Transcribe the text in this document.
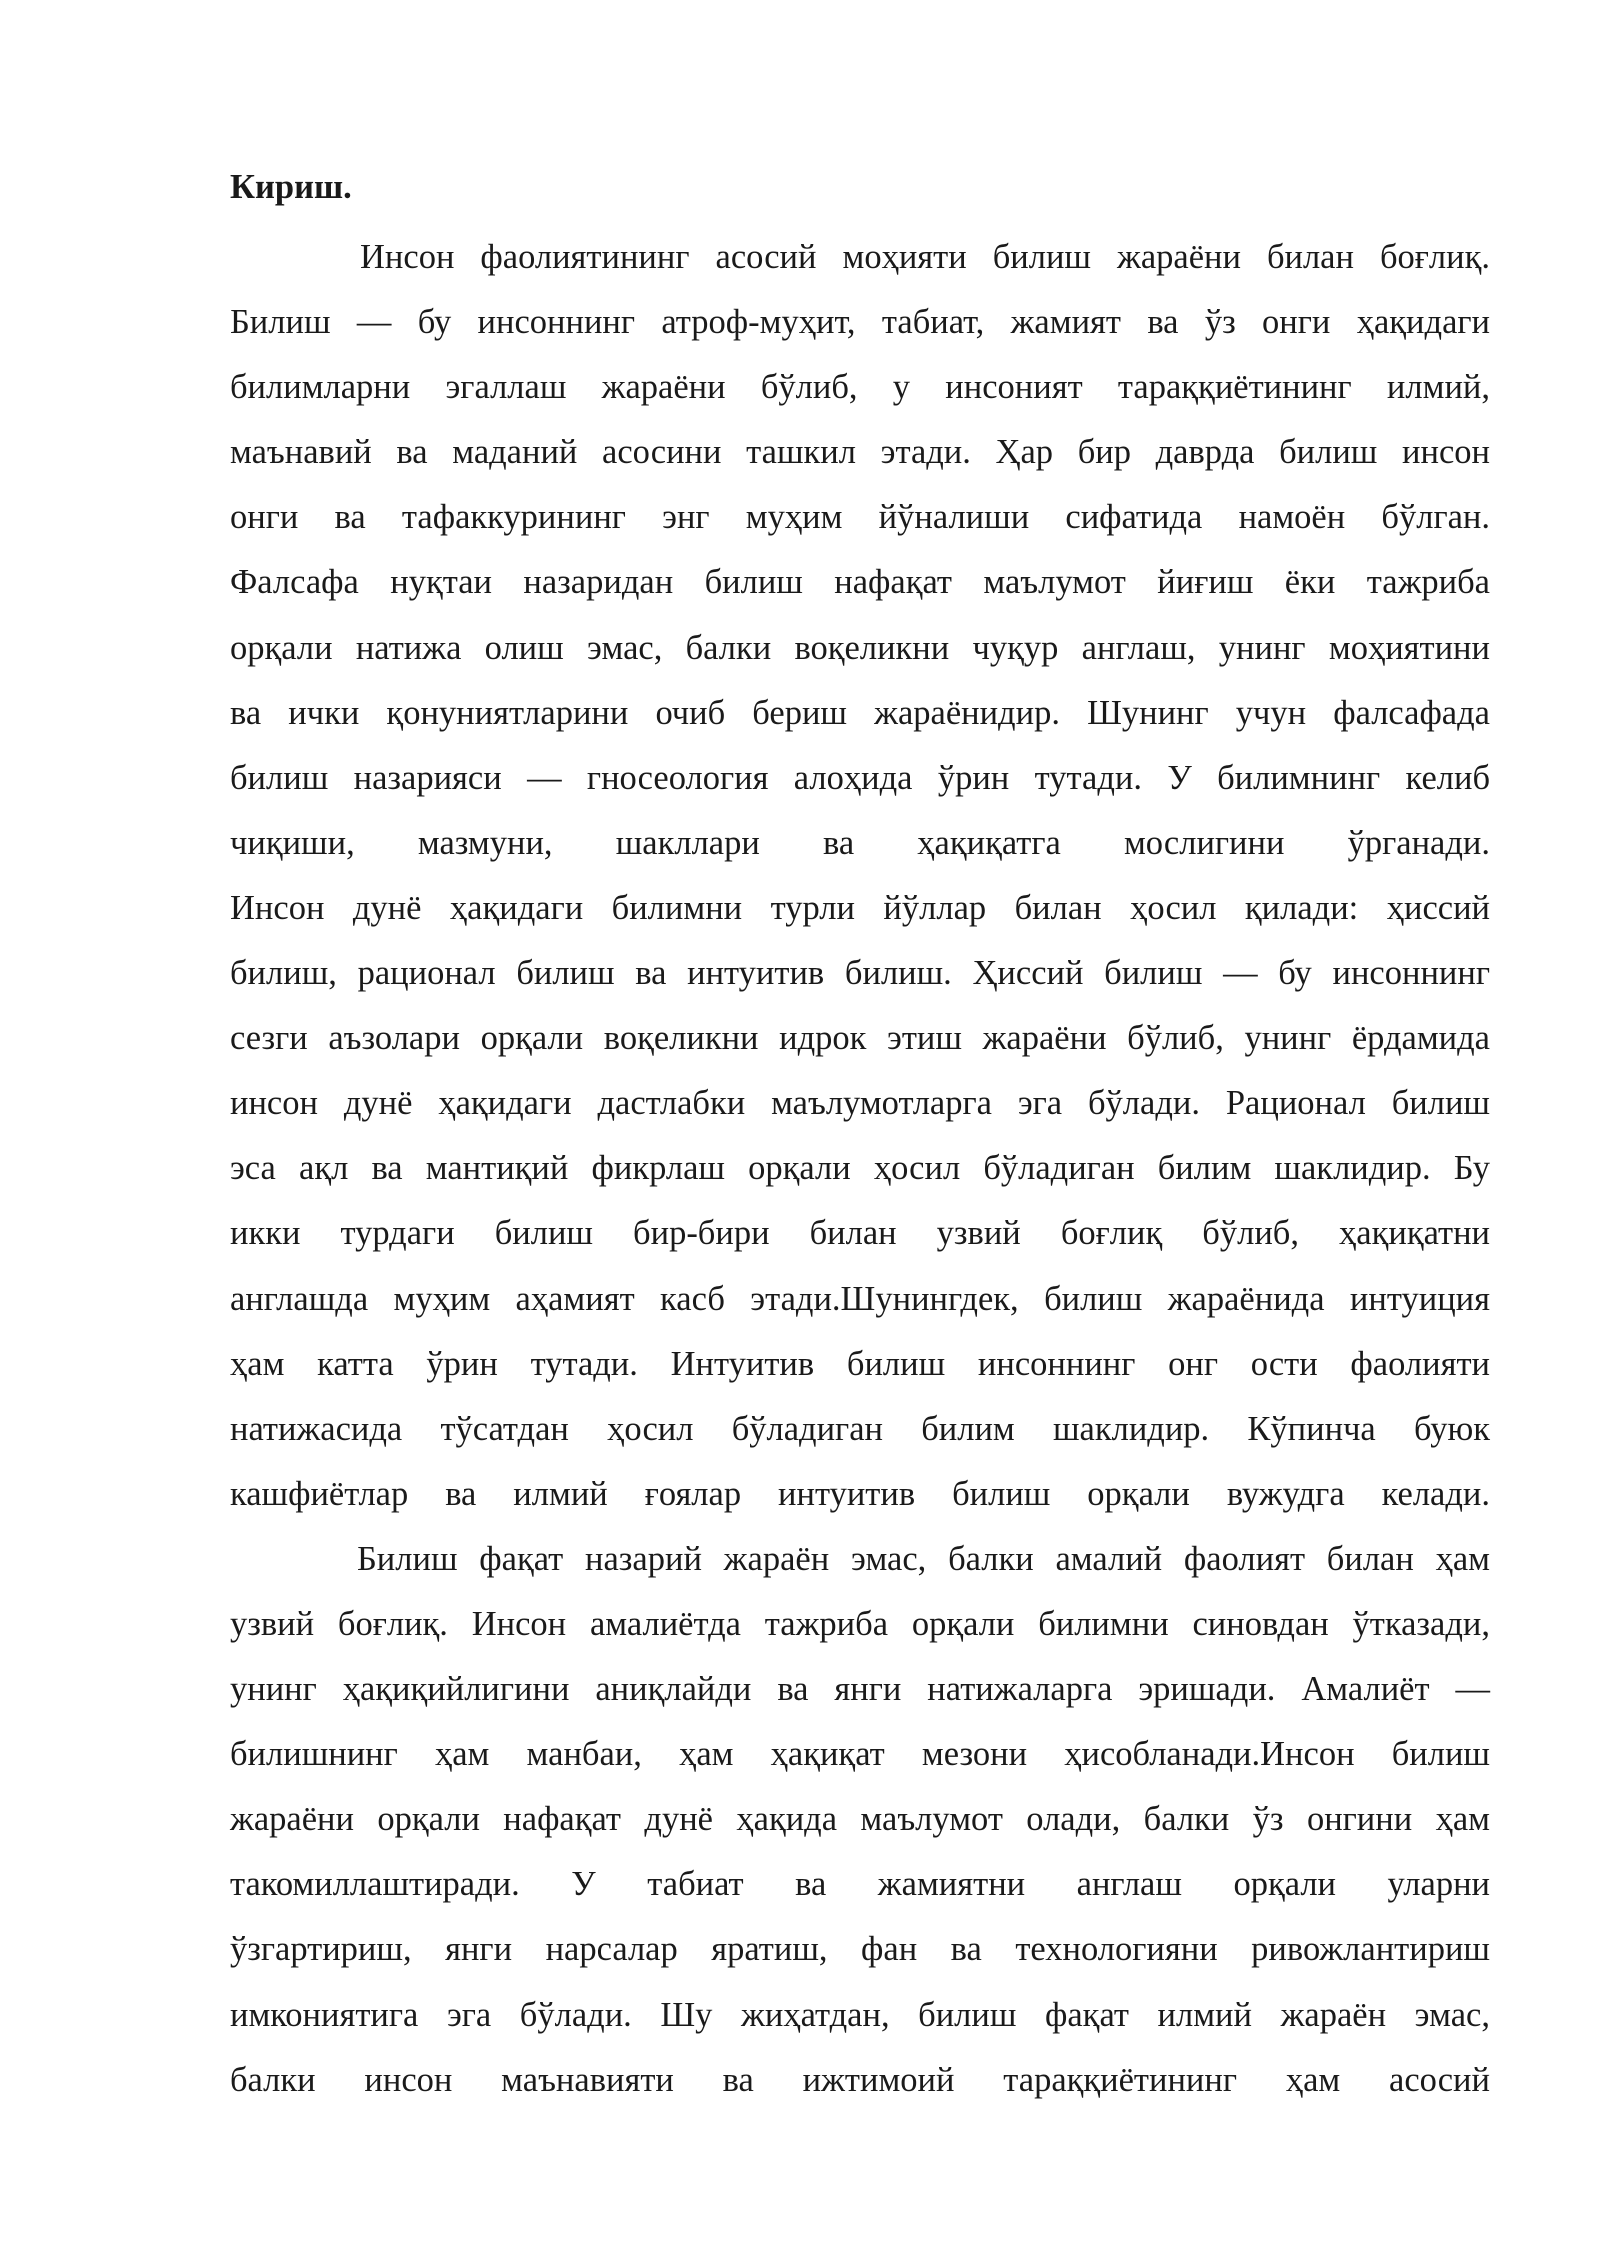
Кириш.
Инсон фаолиятининг асосий моҳияти билиш жараёни билан боғлиқ.
Билиш — бу инсоннинг атроф-муҳит, табиат, жамият ва ўз онги ҳақидаги
билимларни эгаллаш жараёни бўлиб, у инсоният тараққиётининг илмий,
маънавий ва маданий асосини ташкил этади. Ҳар бир даврда билиш инсон
онги ва тафаккурининг энг муҳим йўналиши сифатида намоён бўлган.
Фалсафа нуқтаи назаридан билиш нафақат маълумот йиғиш ёки тажриба
орқали натижа олиш эмас, балки воқеликни чуқур англаш, унинг моҳиятини
ва ички қонуниятларини очиб бериш жараёнидир. Шунинг учун фалсафада
билиш назарияси — гносеология алоҳида ўрин тутади. У билимнинг келиб
чиқиши, мазмуни, шакллари ва ҳақиқатга мослигини ўрганади.
Инсон дунё ҳақидаги билимни турли йўллар билан ҳосил қилади: ҳиссий
билиш, рационал билиш ва интуитив билиш. Ҳиссий билиш — бу инсоннинг
сезги аъзолари орқали воқеликни идрок этиш жараёни бўлиб, унинг ёрдамида
инсон дунё ҳақидаги дастлабки маълумотларга эга бўлади. Рационал билиш
эса ақл ва мантиқий фикрлаш орқали ҳосил бўладиган билим шаклидир. Бу
икки турдаги билиш бир-бири билан узвий боғлиқ бўлиб, ҳақиқатни
англашда муҳим аҳамият касб этади.Шунингдек, билиш жараёнида интуиция
ҳам катта ўрин тутади. Интуитив билиш инсоннинг онг ости фаолияти
натижасида тўсатдан ҳосил бўладиган билим шаклидир. Кўпинча буюк
кашфиётлар ва илмий ғоялар интуитив билиш орқали вужудга келади.
Билиш фақат назарий жараён эмас, балки амалий фаолият билан ҳам
узвий боғлиқ. Инсон амалиётда тажриба орқали билимни синовдан ўтказади,
унинг ҳақиқийлигини аниқлайди ва янги натижаларга эришади. Амалиёт —
билишнинг ҳам манбаи, ҳам ҳақиқат мезони ҳисобланади.Инсон билиш
жараёни орқали нафақат дунё ҳақида маълумот олади, балки ўз онгини ҳам
такомиллаштиради. У табиат ва жамиятни англаш орқали уларни
ўзгартириш, янги нарсалар яратиш, фан ва технологияни ривожлантириш
имкониятига эга бўлади. Шу жиҳатдан, билиш фақат илмий жараён эмас,
балки инсон маънавияти ва ижтимоий тараққиётининг ҳам асосий
